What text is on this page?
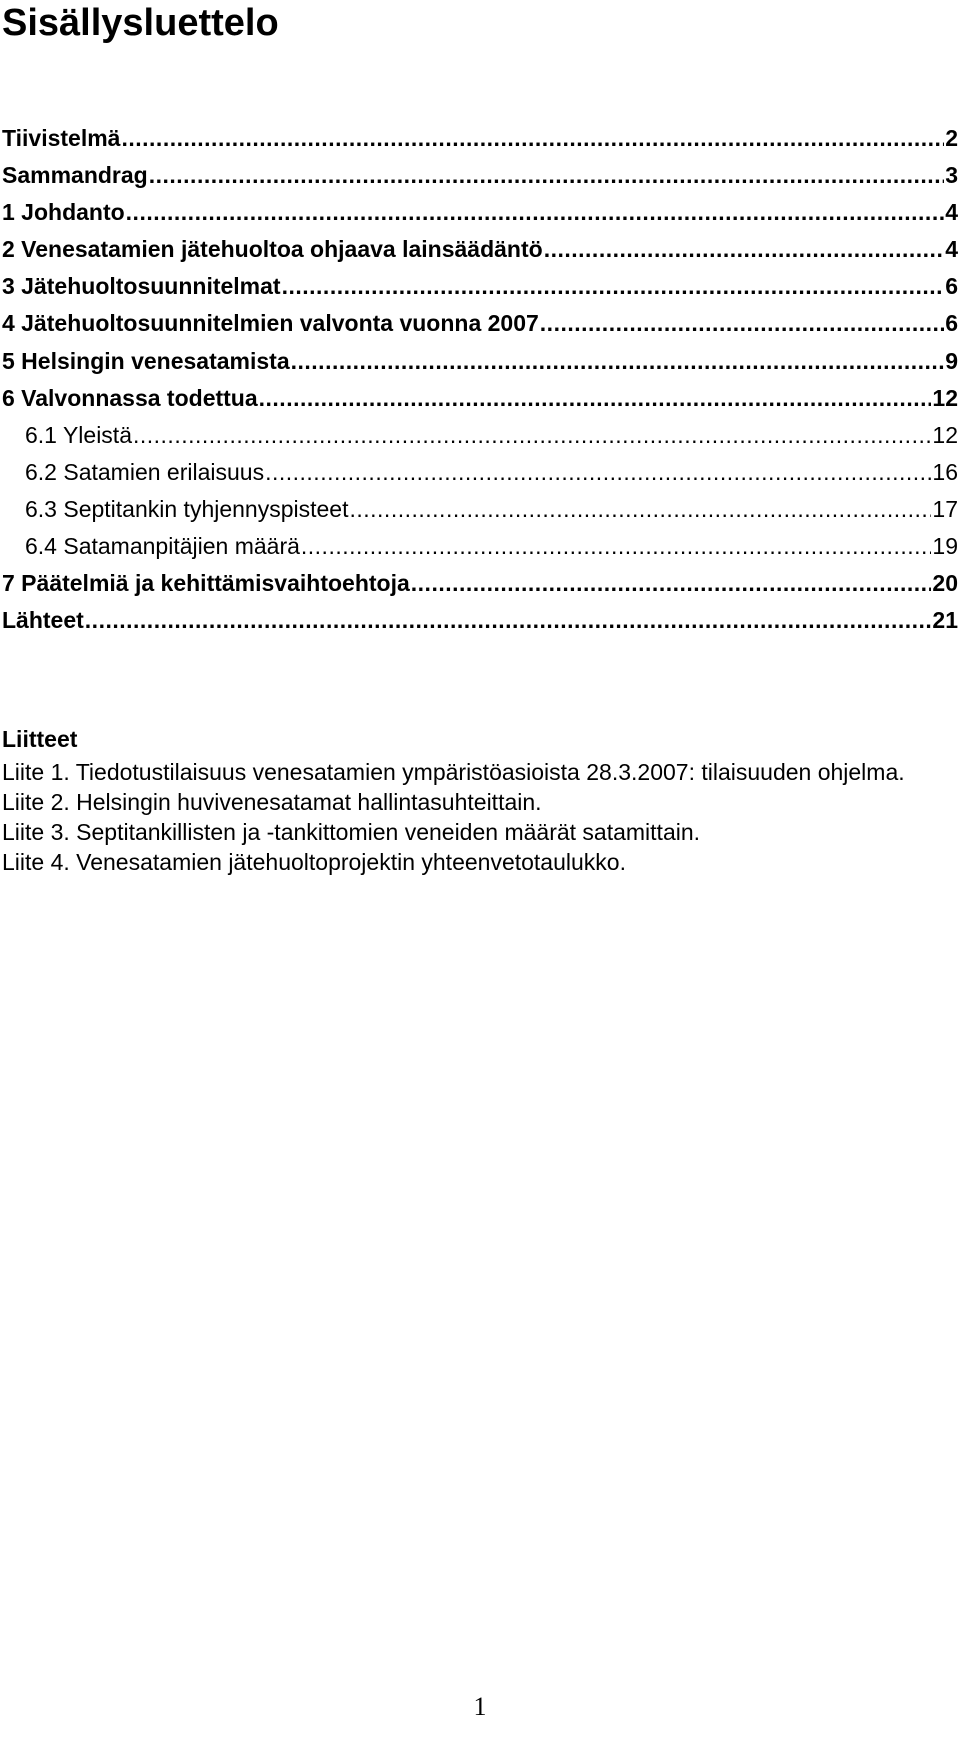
Sisällysluettelo
Tiivistelmä .....	2
Sammandrag .....	3
1 Johdanto .....	4
2 Venesatamien jätehuoltoa ohjaava lainsäädäntö .....	4
3 Jätehuoltosuunnitelmat .....	6
4 Jätehuoltosuunnitelmien valvonta vuonna 2007 .....	6
5 Helsingin venesatamista .....	9
6 Valvonnassa todettua .....	12
6.1 Yleistä .....	12
6.2 Satamien erilaisuus .....	16
6.3 Septitankin tyhjennyspisteet .....	17
6.4 Satamanpitäjien määrä .....	19
7 Päätelmiä ja kehittämisvaihtoehtoja .....	20
Lähteet .....	21
Liitteet
Liite 1. Tiedotustilaisuus venesatamien ympäristöasioista 28.3.2007: tilaisuuden ohjelma.
Liite 2. Helsingin huvivenesatamat hallintasuhteittain.
Liite 3. Septitankillisten ja -tankittomien veneiden määrät satamittain.
Liite 4. Venesatamien jätehuoltoprojektin yhteenvetotaulukko.
1
